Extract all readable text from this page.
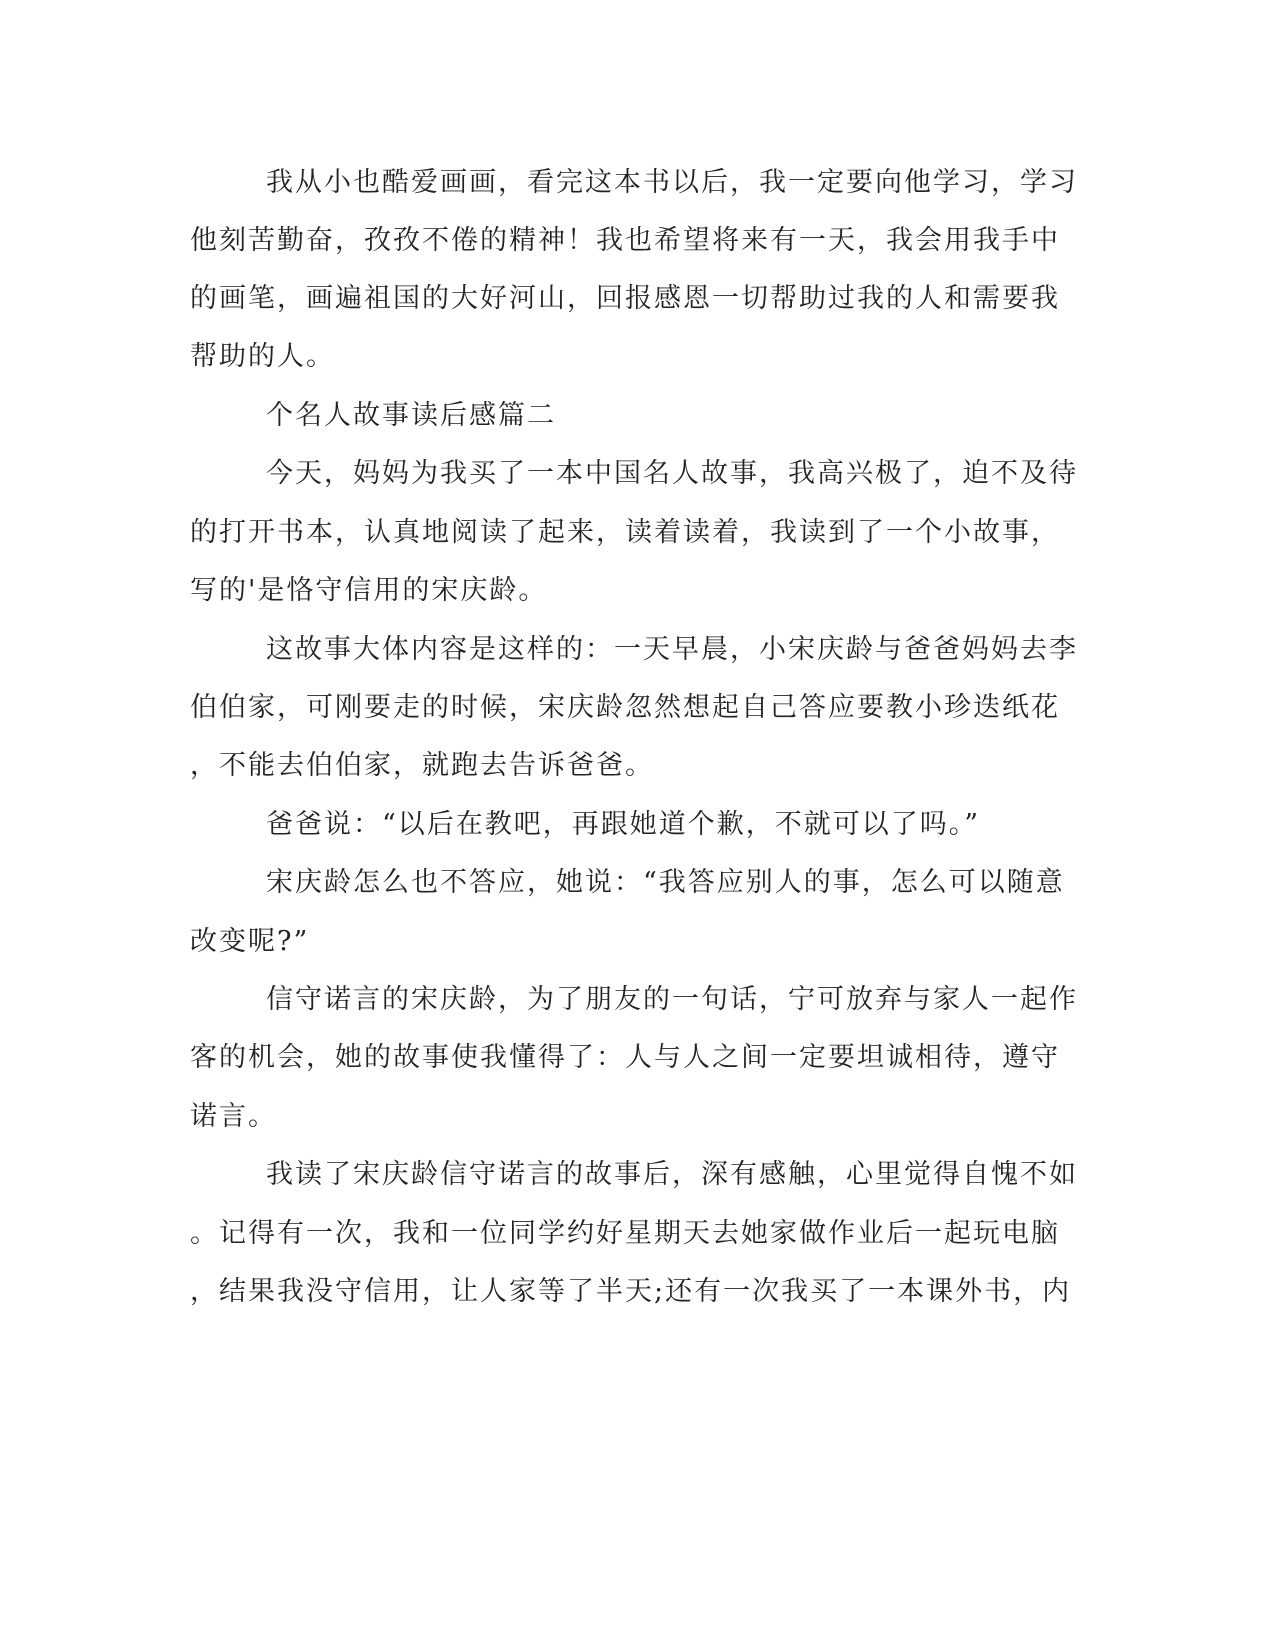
我从小也酷爱画画，看完这本书以后，我一定要向他学习，学习

他刻苦勤奋，孜孜不倦的精神！我也希望将来有一天，我会用我手中

的画笔，画遍祖国的大好河山，回报感恩一切帮助过我的人和需要我

帮助的人。

个名人故事读后感篇二

今天，妈妈为我买了一本中国名人故事，我高兴极了，迫不及待

的打开书本，认真地阅读了起来，读着读着，我读到了一个小故事，

写的'是恪守信用的宋庆龄。

这故事大体内容是这样的：一天早晨，小宋庆龄与爸爸妈妈去李

伯伯家，可刚要走的时候，宋庆龄忽然想起自己答应要教小珍迭纸花

，不能去伯伯家，就跑去告诉爸爸。

爸爸说：“以后在教吧，再跟她道个歉，不就可以了吗。”

宋庆龄怎么也不答应，她说：“我答应别人的事，怎么可以随意

改变呢?”

信守诺言的宋庆龄，为了朋友的一句话，宁可放弃与家人一起作

客的机会，她的故事使我懂得了：人与人之间一定要坦诚相待，遵守

诺言。

我读了宋庆龄信守诺言的故事后，深有感触，心里觉得自愧不如

。记得有一次，我和一位同学约好星期天去她家做作业后一起玩电脑

，结果我没守信用，让人家等了半天;还有一次我买了一本课外书，内
